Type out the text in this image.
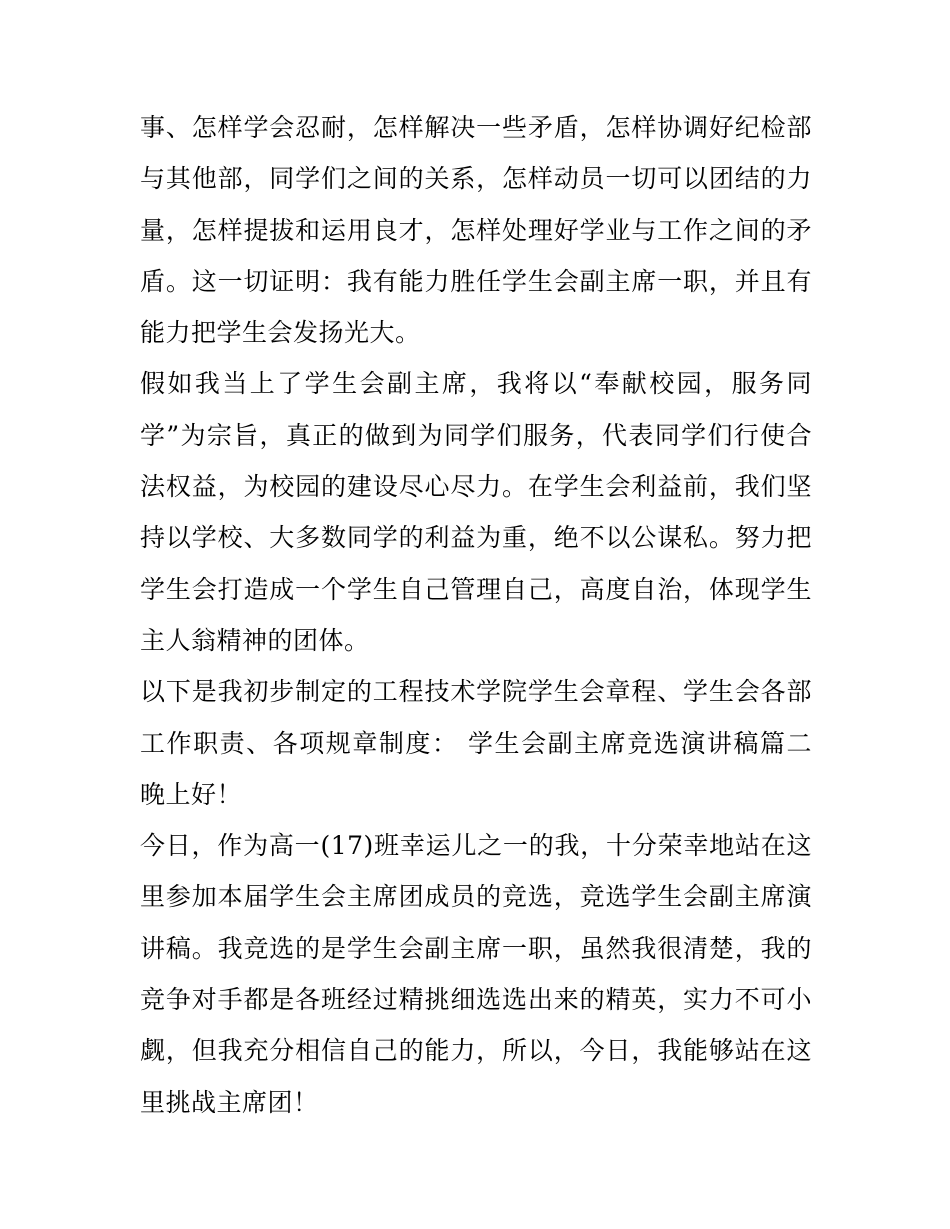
事、怎样学会忍耐，怎样解决一些矛盾，怎样协调好纪检部与其他部，同学们之间的关系，怎样动员一切可以团结的力量，怎样提拔和运用良才，怎样处理好学业与工作之间的矛盾。这一切证明：我有能力胜任学生会副主席一职，并且有能力把学生会发扬光大。

假如我当上了学生会副主席，我将以“奉献校园，服务同学”为宗旨，真正的做到为同学们服务，代表同学们行使合法权益，为校园的建设尽心尽力。在学生会利益前，我们坚持以学校、大多数同学的利益为重，绝不以公谋私。努力把学生会打造成一个学生自己管理自己，高度自治，体现学生主人翁精神的团体。

以下是我初步制定的工程技术学院学生会章程、学生会各部工作职责、各项规章制度： 学生会副主席竞选演讲稿篇二 晚上好！

今日，作为高一(17)班幸运儿之一的我，十分荣幸地站在这里参加本届学生会主席团成员的竞选，竞选学生会副主席演讲稿。我竞选的是学生会副主席一职，虽然我很清楚，我的竞争对手都是各班经过精挑细选选出来的精英，实力不可小觑，但我充分相信自己的能力，所以，今日，我能够站在这里挑战主席团！
